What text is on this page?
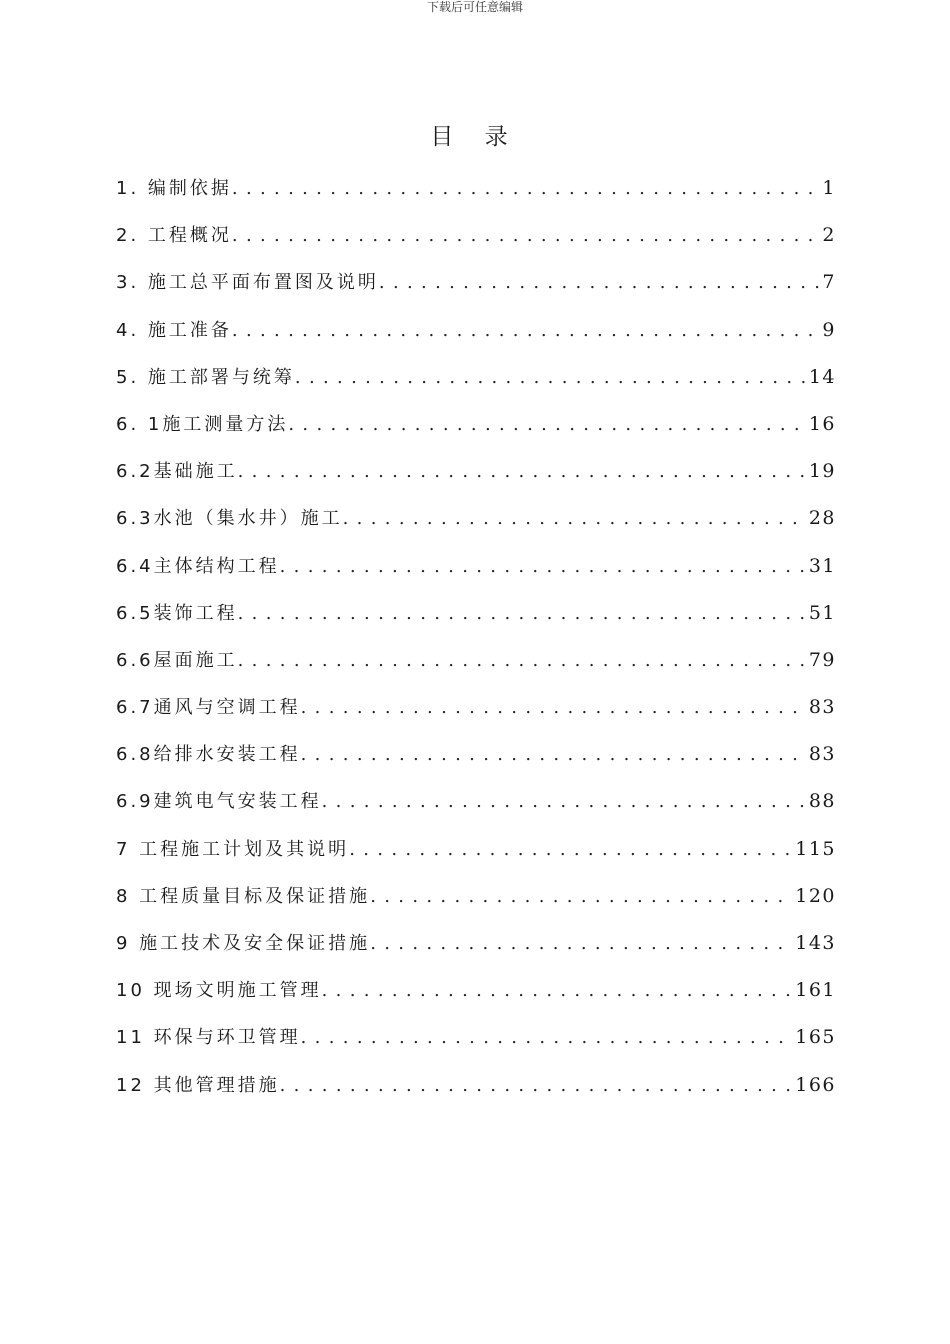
下载后可任意编辑
目 录
1. 编制依据 . . .	1
2. 工程概况 . . .	2
3. 施工总平面布置图及说明 . . .	7
4. 施工准备 . . .	9
5. 施工部署与统筹 . . .	14
6. 1施工测量方法 . . .	16
6.2基础施工 . . .	19
6.3水池（集水井）施工 . . .	28
6.4主体结构工程 . . .	31
6.5装饰工程 . . .	51
6.6屋面施工 . . .	79
6.7通风与空调工程 . . .	83
6.8给排水安装工程 . . .	83
6.9建筑电气安装工程 . . .	88
7 工程施工计划及其说明 . . .	115
8 工程质量目标及保证措施 . . .	120
9 施工技术及安全保证措施 . . .	143
10 现场文明施工管理 . . .	161
11 环保与环卫管理 . . .	165
12 其他管理措施 . . .	166
